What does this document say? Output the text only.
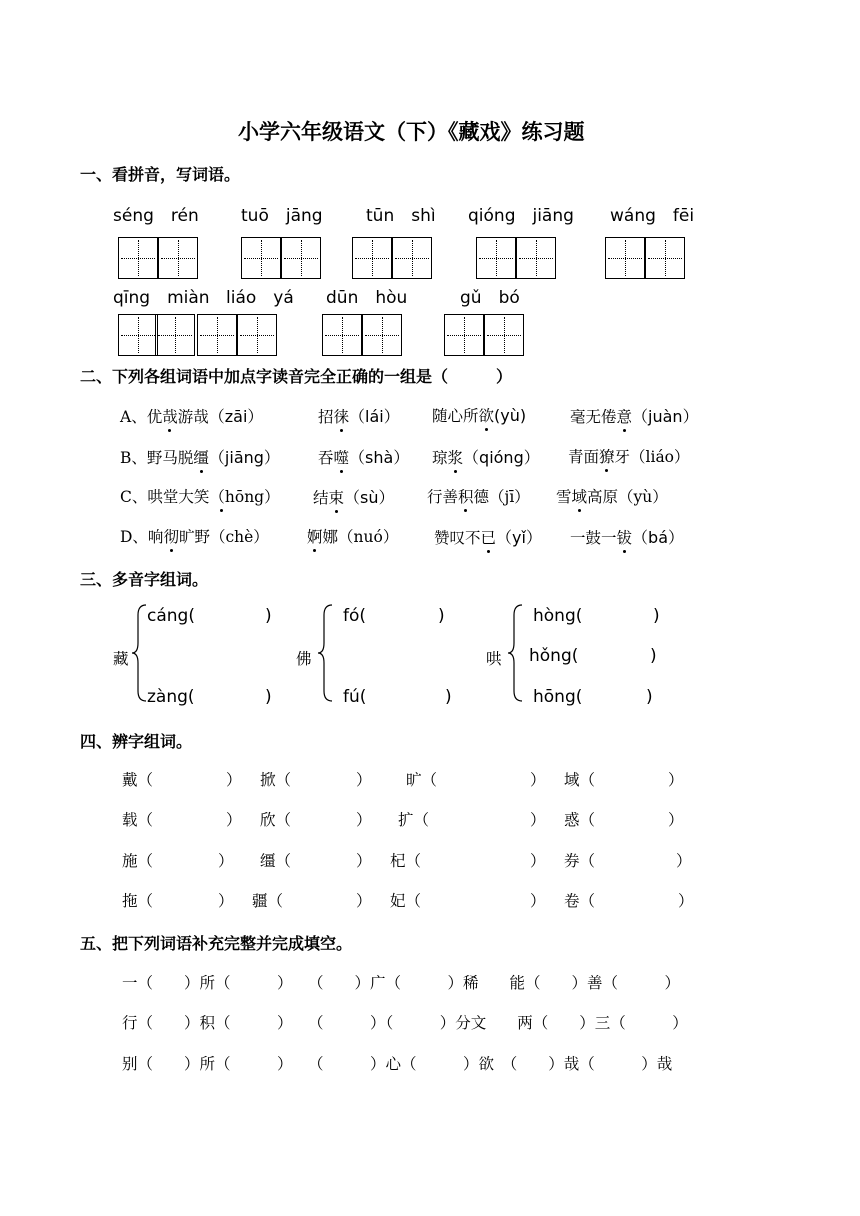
小学六年级语文（下）《藏戏》练习题
一、看拼音，写词语。
séng　rén tuō　jāng	tūn　shì qióng　jiāng wáng　fēi
qīng　miàn liáo　yá dūn　hòu	gǔ　bó
二、下列各组词语中加点字读音完全正确的一组是（　　　）
A、优哉游哉（zāi）	招徕（lái） 随心所欲(yù)	毫无倦意（juàn）
B、野马脱缰（jiāng） 吞噬（shà） 琼浆（qióng） 青面獠牙（liáo）
C、哄堂大笑（hōng） 结束（sù） 行善积德（jī） 雪域高原（yù）
D、响彻旷野（chè） 婀娜（nuó） 赞叹不已（yǐ） 一鼓一钹（bá）
三、多音字组词。
藏
cáng(	)
zàng(	)
佛
fó(	)
fú(	)
哄
hòng(	)
hǒng(	)
hōng(	)
四、辨字组词。
戴（	） 掀（	） 旷（	） 域（	）
载（	） 欣（	） 扩（	） 惑（	）
施（	） 缰（	） 杞（	） 券（	）
拖（	） 疆（	） 妃（	） 卷（	）
五、把下列词语补充完整并完成填空。
一（　　）所（　　　）　　（　　）广（　　　）稀　　能（　　）善（　　　）
行（　　）积（　　　）　　（　　　）（　　　）分文　　两（　　）三（　　　）
别（　　）所（　　　）　　（　　　）心（　　　）欲　（　　）哉（　　　）哉
